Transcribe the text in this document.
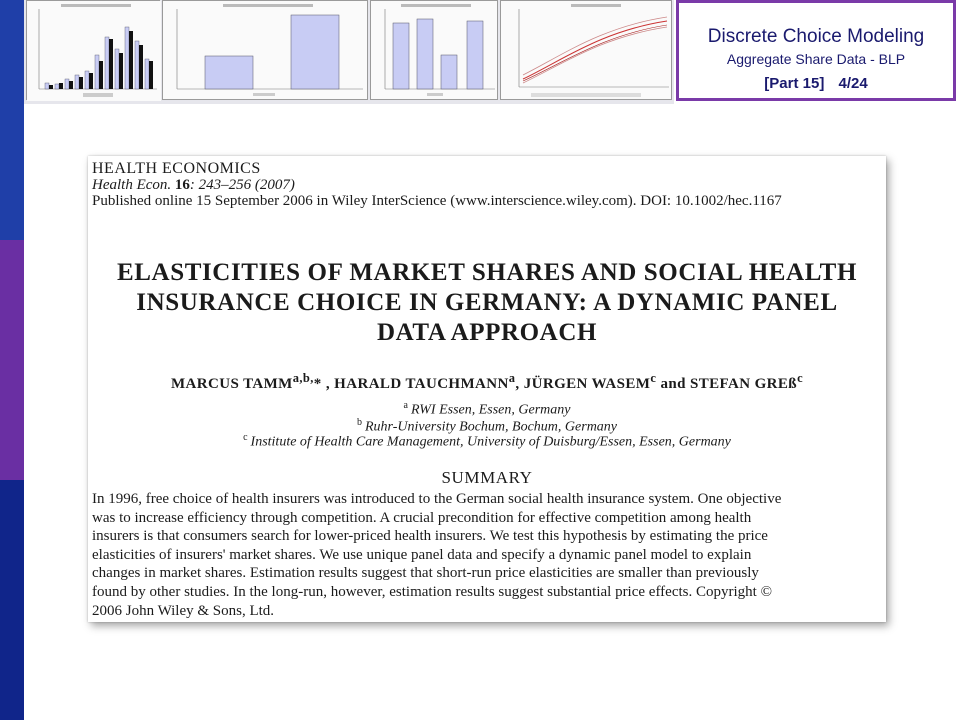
Discrete Choice Modeling
Aggregate Share Data - BLP
[Part 15] 4/24
HEALTH ECONOMICS
Health Econ. 16: 243–256 (2007)
Published online 15 September 2006 in Wiley InterScience (www.interscience.wiley.com). DOI: 10.1002/hec.1167
ELASTICITIES OF MARKET SHARES AND SOCIAL HEALTH
INSURANCE CHOICE IN GERMANY: A DYNAMIC PANEL
DATA APPROACH
MARCUS $TAMM^{a,b,}*$ , HARALD TAUCHMANN$^a$, JÜRGEN WASEM$^c$ and STEFAN GREß$^c$
$^a$ RWI Essen, Essen, Germany
$^b$ Ruhr-University Bochum, Bochum, Germany
$^c$ Institute of Health Care Management, University of Duisburg/Essen, Essen, Germany
SUMMARY
In 1996, free choice of health insurers was introduced to the German social health insurance system. One objective
was to increase efficiency through competition. A crucial precondition for effective competition among health
insurers is that consumers search for lower-priced health insurers. We test this hypothesis by estimating the price
elasticities of insurers' market shares. We use unique panel data and specify a dynamic panel model to explain
changes in market shares. Estimation results suggest that short-run price elasticities are smaller than previously
found by other studies. In the long-run, however, estimation results suggest substantial price effects. Copyright ©
2006 John Wiley & Sons, Ltd.
